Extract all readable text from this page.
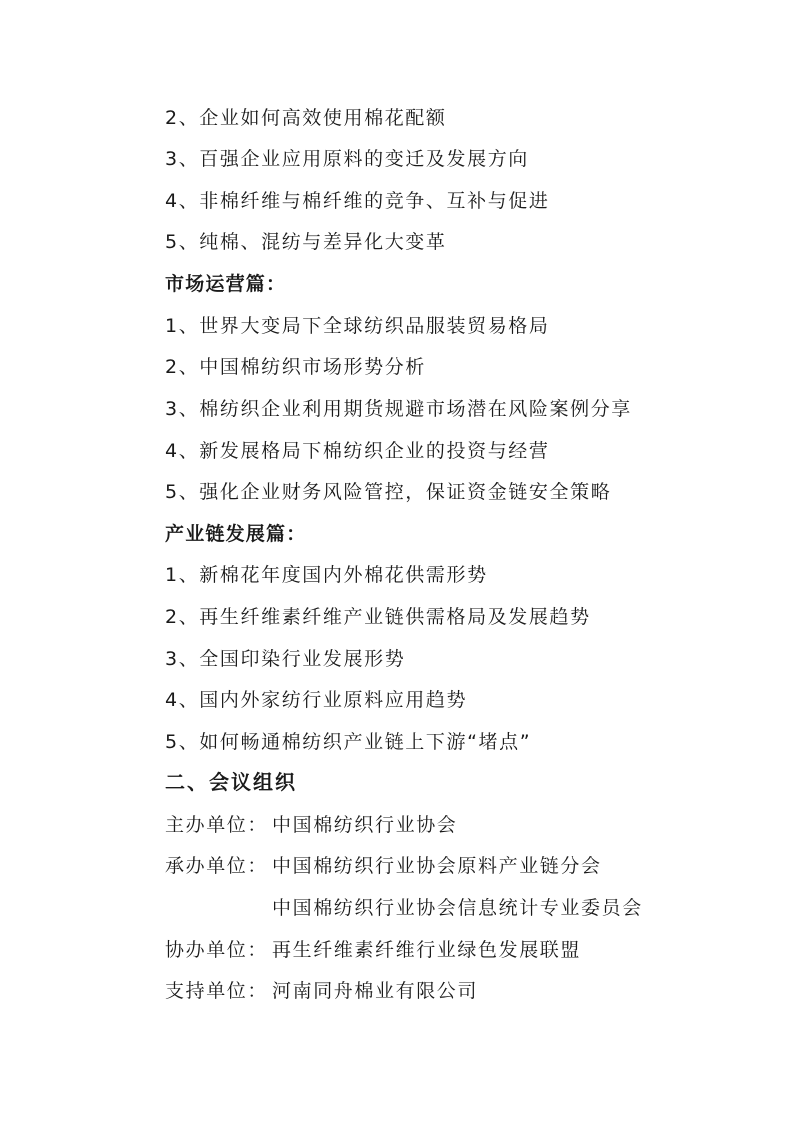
2、企业如何高效使用棉花配额
3、百强企业应用原料的变迁及发展方向
4、非棉纤维与棉纤维的竞争、互补与促进
5、纯棉、混纺与差异化大变革
市场运营篇：
1、世界大变局下全球纺织品服装贸易格局
2、中国棉纺织市场形势分析
3、棉纺织企业利用期货规避市场潜在风险案例分享
4、新发展格局下棉纺织企业的投资与经营
5、强化企业财务风险管控，保证资金链安全策略
产业链发展篇：
1、新棉花年度国内外棉花供需形势
2、再生纤维素纤维产业链供需格局及发展趋势
3、全国印染行业发展形势
4、国内外家纺行业原料应用趋势
5、如何畅通棉纺织产业链上下游“堵点”
二、会议组织
主办单位： 中国棉纺织行业协会
承办单位： 中国棉纺织行业协会原料产业链分会
中国棉纺织行业协会信息统计专业委员会
协办单位： 再生纤维素纤维行业绿色发展联盟
支持单位： 河南同舟棉业有限公司
